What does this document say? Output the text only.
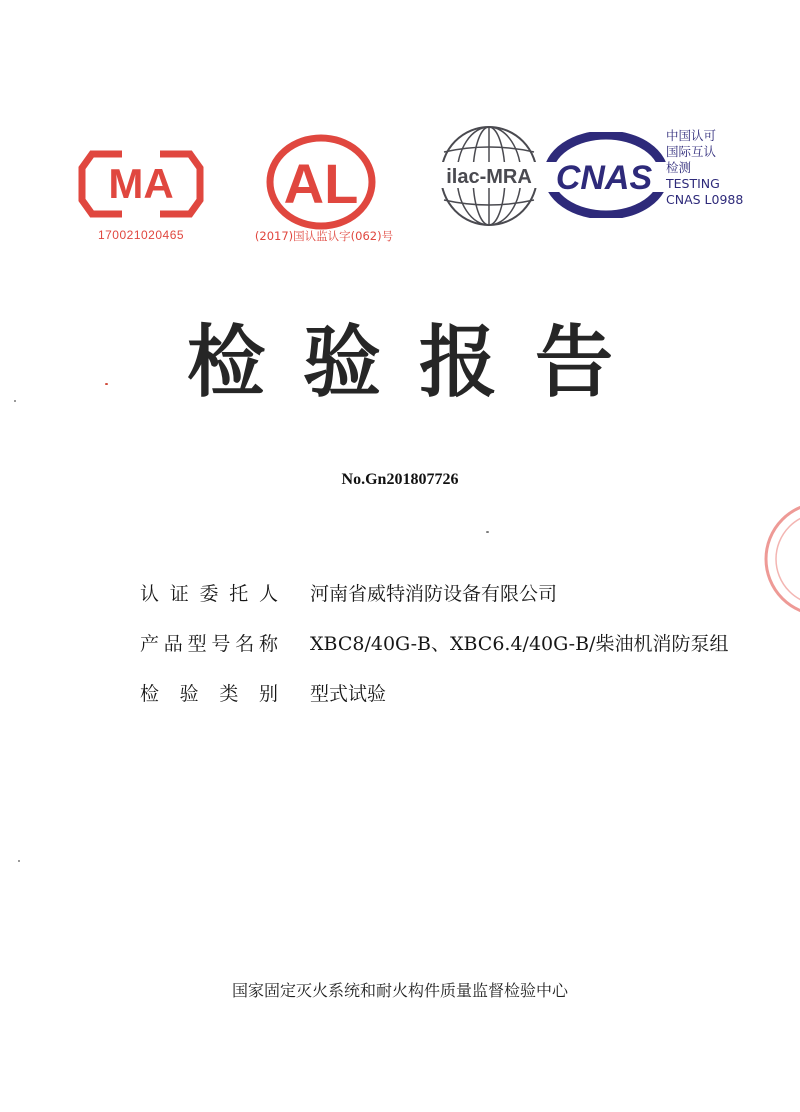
MA
170021020465
AL
(2017)国认监认字(062)号
ilac-MRA CNAS
中国认可
国际互认
检测
TESTING
CNAS L0988
检验报告
No.Gn201807726
认 证 委 托 人 河南省威特消防设备有限公司
产 品 型 号 名 称 XBC8/40G-B、XBC6.4/40G-B/柴油机消防泵组
检 验 类 别 型式试验
国家固定灭火系统和耐火构件质量监督检验中心
